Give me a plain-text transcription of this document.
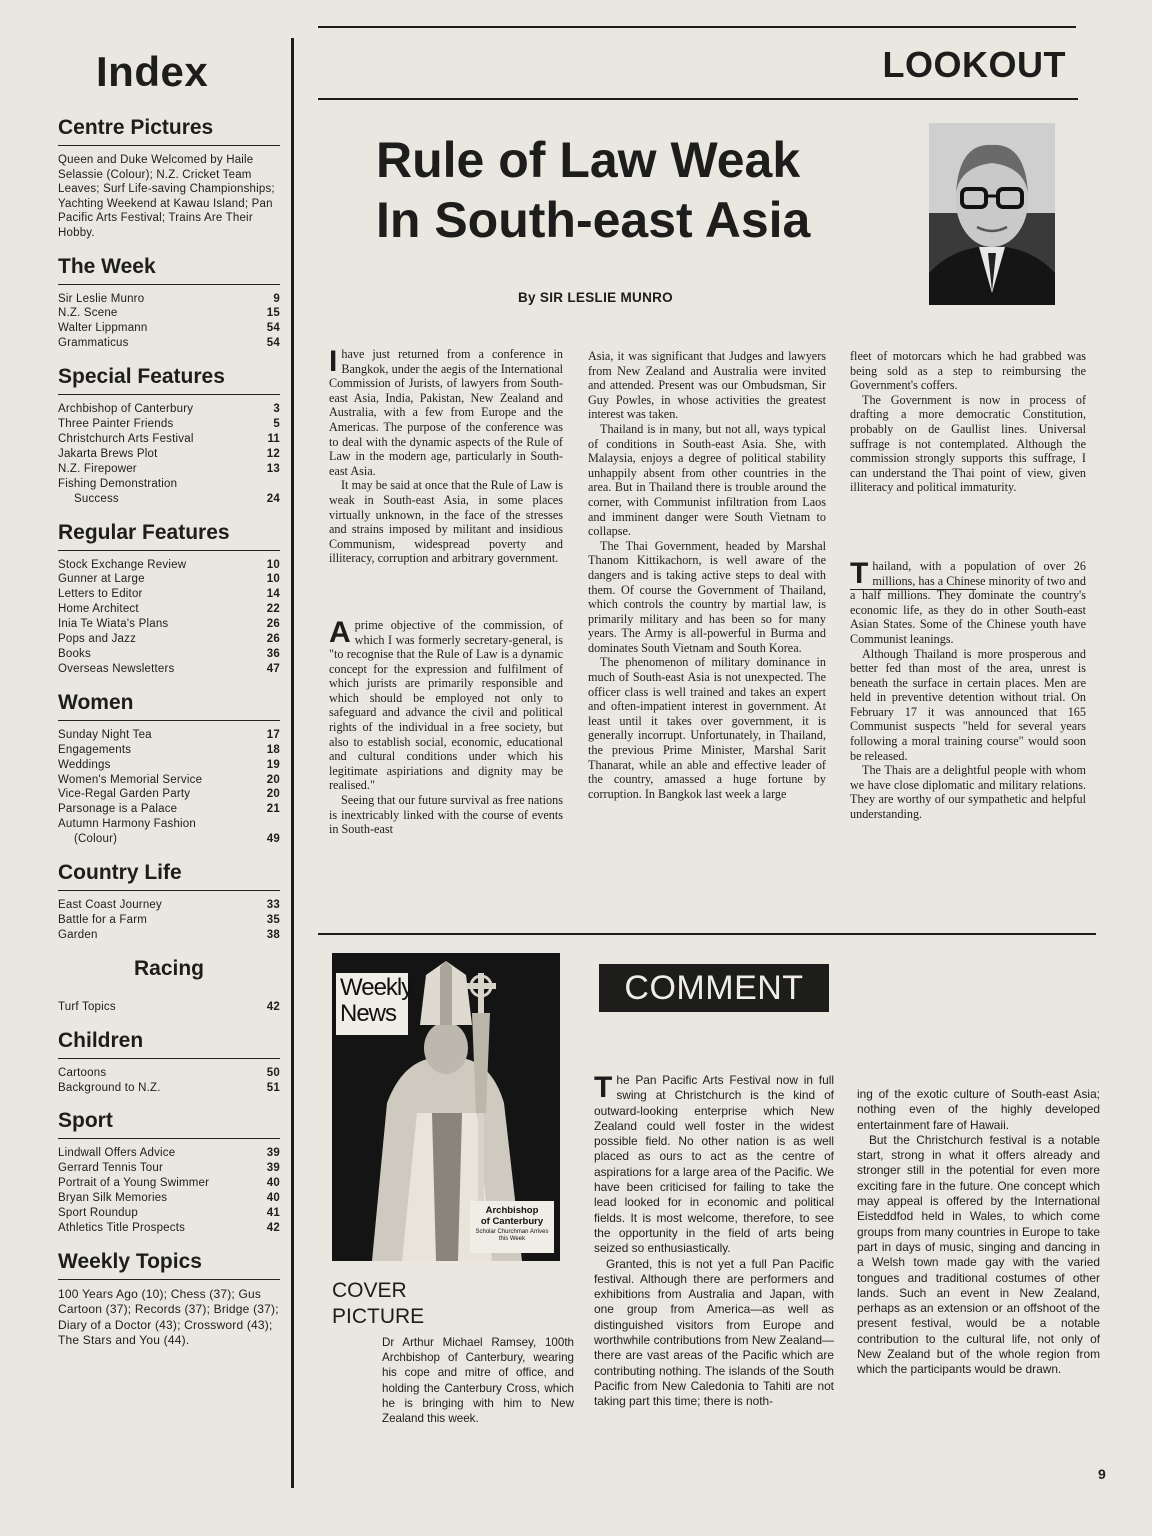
Index
Centre Pictures
Queen and Duke Welcomed by Haile Selassie (Colour); N.Z. Cricket Team Leaves; Surf Life-saving Championships; Yachting Weekend at Kawau Island; Pan Pacific Arts Festival; Trains Are Their Hobby.
The Week
Sir Leslie Munro	9
N.Z. Scene	15
Walter Lippmann	54
Grammaticus	54
Special Features
Archbishop of Canterbury	3
Three Painter Friends	5
Christchurch Arts Festival	11
Jakarta Brews Plot	12
N.Z. Firepower	13
Fishing Demonstration
Success	24
Regular Features
Stock Exchange Review	10
Gunner at Large	10
Letters to Editor	14
Home Architect	22
Inia Te Wiata's Plans	26
Pops and Jazz	26
Books	36
Overseas Newsletters	47
Women
Sunday Night Tea	17
Engagements	18
Weddings	19
Women's Memorial Service	20
Vice-Regal Garden Party	20
Parsonage is a Palace	21
Autumn Harmony Fashion
(Colour)	49
Country Life
East Coast Journey	33
Battle for a Farm	35
Garden	38
Racing
Turf Topics	42
Children
Cartoons	50
Background to N.Z.	51
Sport
Lindwall Offers Advice	39
Gerrard Tennis Tour	39
Portrait of a Young Swimmer	40
Bryan Silk Memories	40
Sport Roundup	41
Athletics Title Prospects	42
Weekly Topics
100 Years Ago (10); Chess (37); Gus Cartoon (37); Records (37); Bridge (37); Diary of a Doctor (43); Crossword (43); The Stars and You (44).
LOOKOUT
Rule of Law Weak
In South-east Asia
By SIR LESLIE MUNRO

Ihave just returned from a conference in Bangkok, under the aegis of the International Commission of Jurists, of lawyers from South-east Asia, India, Pakistan, New Zealand and Australia, with a few from Europe and the Americas. The purpose of the conference was to deal with the dynamic aspects of the Rule of Law in the modern age, particularly in South-east Asia.

It may be said at once that the Rule of Law is weak in South-east Asia, in some places virtually unknown, in the face of the stresses and strains imposed by militant and insidious Communism, widespread poverty and illiteracy, corruption and arbitrary government.

Aprime objective of the commission, of which I was formerly secretary-general, is "to recognise that the Rule of Law is a dynamic concept for the expression and fulfilment of which jurists are primarily responsible and which should be employed not only to safeguard and advance the civil and political rights of the individual in a free society, but also to establish social, economic, educational and cultural conditions under which his legitimate aspiriations and dignity may be realised."

Seeing that our future survival as free nations is inextricably linked with the course of events in South-east

Asia, it was significant that Judges and lawyers from New Zealand and Australia were invited and attended. Present was our Ombudsman, Sir Guy Powles, in whose activities the greatest interest was taken.

Thailand is in many, but not all, ways typical of conditions in South-east Asia. She, with Malaysia, enjoys a degree of political stability unhappily absent from other countries in the area. But in Thailand there is trouble around the corner, with Communist infiltration from Laos and imminent danger were South Vietnam to collapse.

The Thai Government, headed by Marshal Thanom Kittikachorn, is well aware of the dangers and is taking active steps to deal with them. Of course the Government of Thailand, which controls the country by martial law, is primarily military and has been so for many years. The Army is all-powerful in Burma and dominates South Vietnam and South Korea.

The phenomenon of military dominance in much of South-east Asia is not unexpected. The officer class is well trained and takes an expert and often-impatient interest in government. At least until it takes over government, it is generally incorrupt. Unfortunately, in Thailand, the previous Prime Minister, Marshal Sarit Thanarat, while an able and effective leader of the country, amassed a huge fortune by corruption. In Bangkok last week a large

fleet of motorcars which he had grabbed was being sold as a step to reimbursing the Government's coffers.

The Government is now in process of drafting a more democratic Constitution, probably on de Gaullist lines. Universal suffrage is not contemplated. Although the commission strongly supports this suffrage, I can understand the Thai point of view, given illiteracy and political immaturity.

Thailand, with a population of over 26 millions, has a Chinese minority of two and a half millions. They dominate the country's economic life, as they do in other South-east Asian States. Some of the Chinese youth have Communist leanings.

Although Thailand is more prosperous and better fed than most of the area, unrest is beneath the surface in certain places. Men are held in preventive detention without trial. On February 17 it was announced that 165 Communist suspects "held for several years following a moral training course" would soon be released.

The Thais are a delightful people with whom we have close diplomatic and military relations. They are worthy of our sympathetic and helpful understanding.

Weekly
News
Archbishop
of Canterbury
Scholar Churchman Arrives this Week
COVER
PICTURE
Dr Arthur Michael Ramsey, 100th Archbishop of Canterbury, wearing his cope and mitre of office, and holding the Canterbury Cross, which he is bringing with him to New Zealand this week.
COMMENT

The Pan Pacific Arts Festival now in full swing at Christchurch is the kind of outward-looking enterprise which New Zealand could well foster in the widest possible field. No other nation is as well placed as ours to act as the centre of aspirations for a large area of the Pacific. We have been criticised for failing to take the lead looked for in economic and political fields. It is most welcome, therefore, to see the opportunity in the field of arts being seized so enthusiastically.

Granted, this is not yet a full Pan Pacific festival. Although there are performers and exhibitions from Australia and Japan, with one group from America—as well as distinguished visitors from Europe and worthwhile contributions from New Zealand—there are vast areas of the Pacific which are contributing nothing. The islands of the South Pacific from New Caledonia to Tahiti are not taking part this time; there is noth-

ing of the exotic culture of South-east Asia; nothing even of the highly developed entertainment fare of Hawaii.

But the Christchurch festival is a notable start, strong in what it offers already and stronger still in the potential for even more exciting fare in the future. One concept which may appeal is offered by the International Eisteddfod held in Wales, to which come groups from many countries in Europe to take part in days of music, singing and dancing in a Welsh town made gay with the varied tongues and traditional costumes of other lands. Such an event in New Zealand, perhaps as an extension or an offshoot of the present festival, would be a notable contribution to the cultural life, not only of New Zealand but of the whole region from which the participants would be drawn.

9
